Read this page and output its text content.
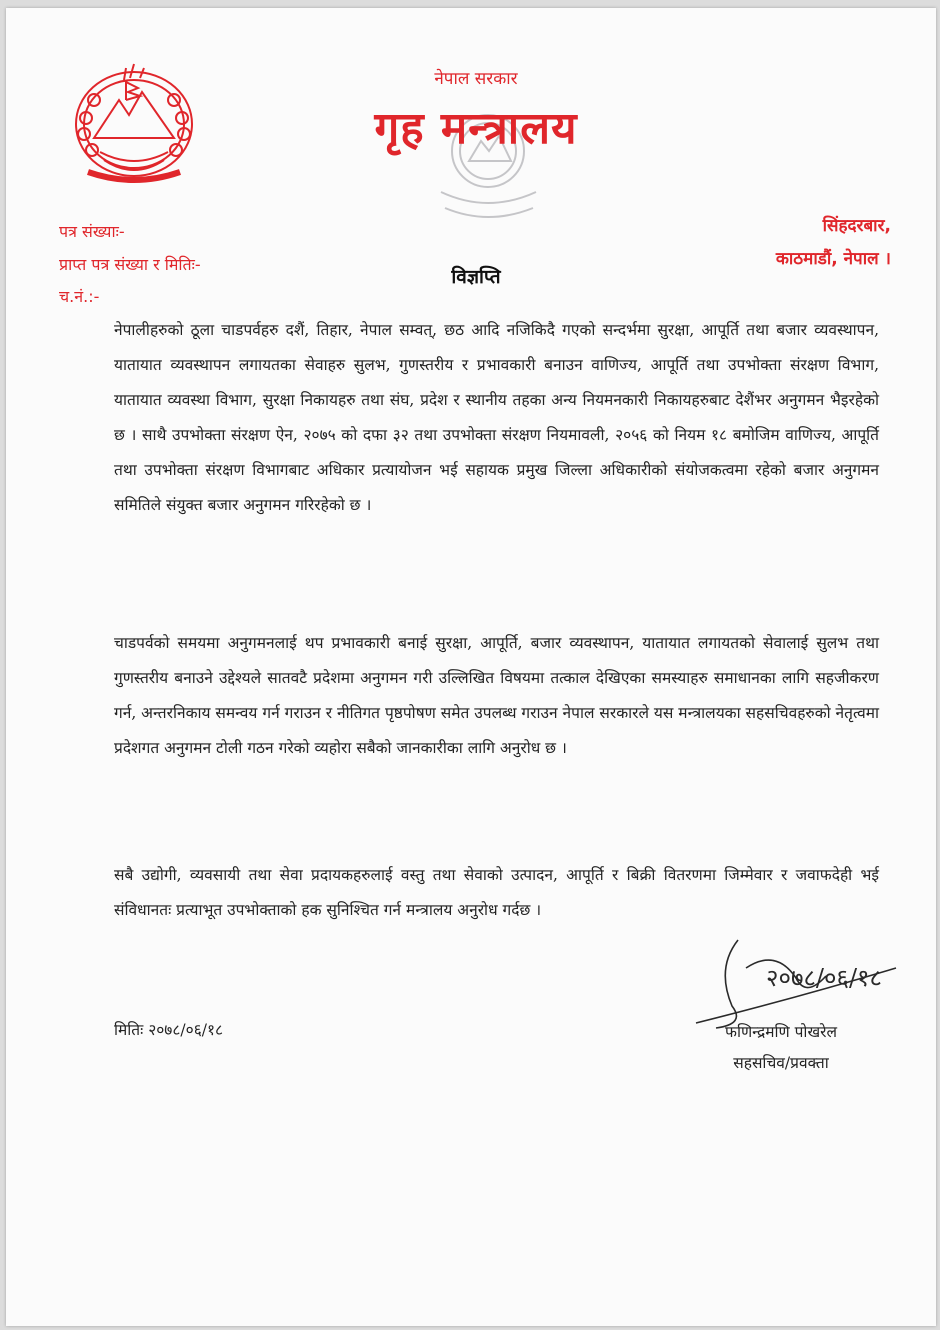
नेपाल सरकार
गृह मन्त्रालय
पत्र संख्याः-
प्राप्त पत्र संख्या र मितिः-
च.नं.:-
सिंहदरबार,
काठमाडौं, नेपाल ।
विज्ञप्ति

नेपालीहरुको ठूला चाडपर्वहरु दशैं, तिहार, नेपाल सम्वत्, छठ आदि नजिकिदै गएको सन्दर्भमा सुरक्षा, आपूर्ति तथा बजार व्यवस्थापन, यातायात व्यवस्थापन लगायतका सेवाहरु सुलभ, गुणस्तरीय र प्रभावकारी बनाउन वाणिज्य, आपूर्ति तथा उपभोक्ता संरक्षण विभाग, यातायात व्यवस्था विभाग, सुरक्षा निकायहरु तथा संघ, प्रदेश र स्थानीय तहका अन्य नियमनकारी निकायहरुबाट देशैंभर अनुगमन भैइरहेको छ । साथै उपभोक्ता संरक्षण ऐन, २०७५ को दफा ३२ तथा उपभोक्ता संरक्षण नियमावली, २०५६ को नियम १८ बमोजिम वाणिज्य, आपूर्ति तथा उपभोक्ता संरक्षण विभागबाट अधिकार प्रत्यायोजन भई सहायक प्रमुख जिल्ला अधिकारीको संयोजकत्वमा रहेको बजार अनुगमन समितिले संयुक्त बजार अनुगमन गरिरहेको छ ।

चाडपर्वको समयमा अनुगमनलाई थप प्रभावकारी बनाई सुरक्षा, आपूर्ति, बजार व्यवस्थापन, यातायात लगायतको सेवालाई सुलभ तथा गुणस्तरीय बनाउने उद्देश्यले सातवटै प्रदेशमा अनुगमन गरी उल्लिखित विषयमा तत्काल देखिएका समस्याहरु समाधानका लागि सहजीकरण गर्न, अन्तरनिकाय समन्वय गर्न गराउन र नीतिगत पृष्ठपोषण समेत उपलब्ध गराउन नेपाल सरकारले यस मन्त्रालयका सहसचिवहरुको नेतृत्वमा प्रदेशगत अनुगमन टोली गठन गरेको व्यहोरा सबैको जानकारीका लागि अनुरोध छ ।

सबै उद्योगी, व्यवसायी तथा सेवा प्रदायकहरुलाई वस्तु तथा सेवाको उत्पादन, आपूर्ति र बिक्री वितरणमा जिम्मेवार र जवाफदेही भई संविधानतः प्रत्याभूत उपभोक्ताको हक सुनिश्चित गर्न मन्त्रालय अनुरोध गर्दछ ।

मितिः २०७८/०६/१८
२०७८/०६/१८
फणिन्द्रमणि पोखरेल
सहसचिव/प्रवक्ता
